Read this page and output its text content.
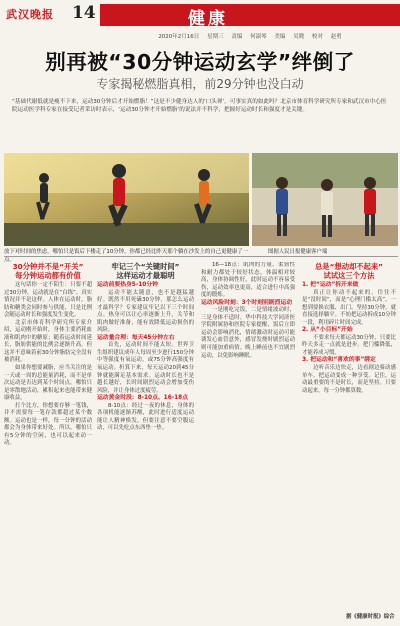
武汉晚报 14	健康
2020年2月16日 星期三 责编 何淑琴 美编 吴晓 校对 赵勇
别再被“30分钟运动玄学”绊倒了
专家揭秘燃脂真相，前29分钟也没白动
“基础代谢低就是瘦不下来，运动30分钟后才开始燃脂！”这是不少健身达人的‘口头禅’。可事实真的如此吗？北京市体育科学研究所专家和武汉市中心医院运动医学科专家在接受记者采访时表示，‘运动30分钟才开始燃脂’的说法并不科学，把握好运动时长和强度才是关键。
放下对时间的焦虑，哪怕只是饭后下楼走了10分钟，你都已经比昨天那个躺在沙发上的自己更健康了一点。
图据人民日报健康客户端
30分钟并不是“开关”
每分钟运动都有价值

这句话你一定不陌生：只要不超过30分钟，运动就是在“白练”。真实情况并不是这样。人体在运动时，脂肪和糖类会同时参与供能，只是比例会随运动时长和强度发生变化。

北京市体育科学研究所专家介绍，运动刚开始时，身体主要消耗血液和肌肉中的糖原；随着运动时间延长，脂肪供能的比例会逐渐升高。但这并不意味着前30分钟脂肪完全没有被消耗。

如果你想要减脂，应当关注的是一天或一周的总能量消耗，而不是单次运动是否达到某个时间点。哪怕只是零散地活动，累积起来也能带来健康收益。

打个比方，你想要存够一笔钱，并不需要每一笔存款都超过某个数额。运动也是一样，每一分钟的活动都会为身体带来好处。所以，哪怕只有5分钟的空闲，也可以起来动一动。

牢记三个“关键时间”
这样运动才最聪明
运动前要热身5-10分钟

运动不能太随意，也不是越猛越好。既然不用死磕30分钟，那怎么运动才最科学？专家建议牢记以下三个时间点。热身可以让心率逐渐上升，关节和肌肉做好准备，能有效降低运动损伤的风险。

运动量合理：每天45分钟左右

首先，运动时间不能太短。世界卫生组织建议成年人每周至少进行150分钟中等强度有氧运动，或75分钟高强度有氧运动。折算下来，每天运动20到45分钟就能满足基本需求。运动时长也不是越长越好，长时间剧烈运动会增加受伤风险，并让身体过度疲劳。

运动黄金时段：8-10点、16-18点

8-10点：经过一夜的休息，身体的各项机能逐渐苏醒，此时进行适度运动能让人精神焕发，但要注意不要空腹运动，可以先吃点东西垫一垫。

16—18点：肌肉的力量、柔韧性和耐力都处于较好状态，体温相对较高，身体协调性好，此时运动不容易受伤，运动效率也更高，适合进行中高强度的锻炼。

运动风险时刻：3个时刻别剧烈运动

一是刚吃完饭，二是情绪波动时，三是身体不适时。华中科技大学同济医学院附属协和医院专家提醒，饭后立即运动会影响消化，情绪激动时运动可能诱发心血管意外，感冒发烧时剧烈运动则可能加重病情。晚上睡前也不宜剧烈运动，以免影响睡眠。

总是“想动却不起来”
试试这三个方法
1. 把“运动”拆开来做

真正让你动不起来的，往往不是“没时间”，而是“心理门槛太高”。一想到要换衣服、出门、坚持30分钟，就直接选择躺平。不妨把运动拆成10分钟一段，利用碎片时间完成。

2. 从“小目标”开始

不要求每天都运动30分钟，只要比昨天多走一点就是进步。把门槛降低，才能养成习惯。

3. 把运动和“喜欢的事”绑定

边听音乐边快走，边看剧边骑动感单车，把运动变成一种享受。记住，运动最重要的不是时长，而是坚持。只要动起来，每一分钟都算数。

据《健康时报》综合
